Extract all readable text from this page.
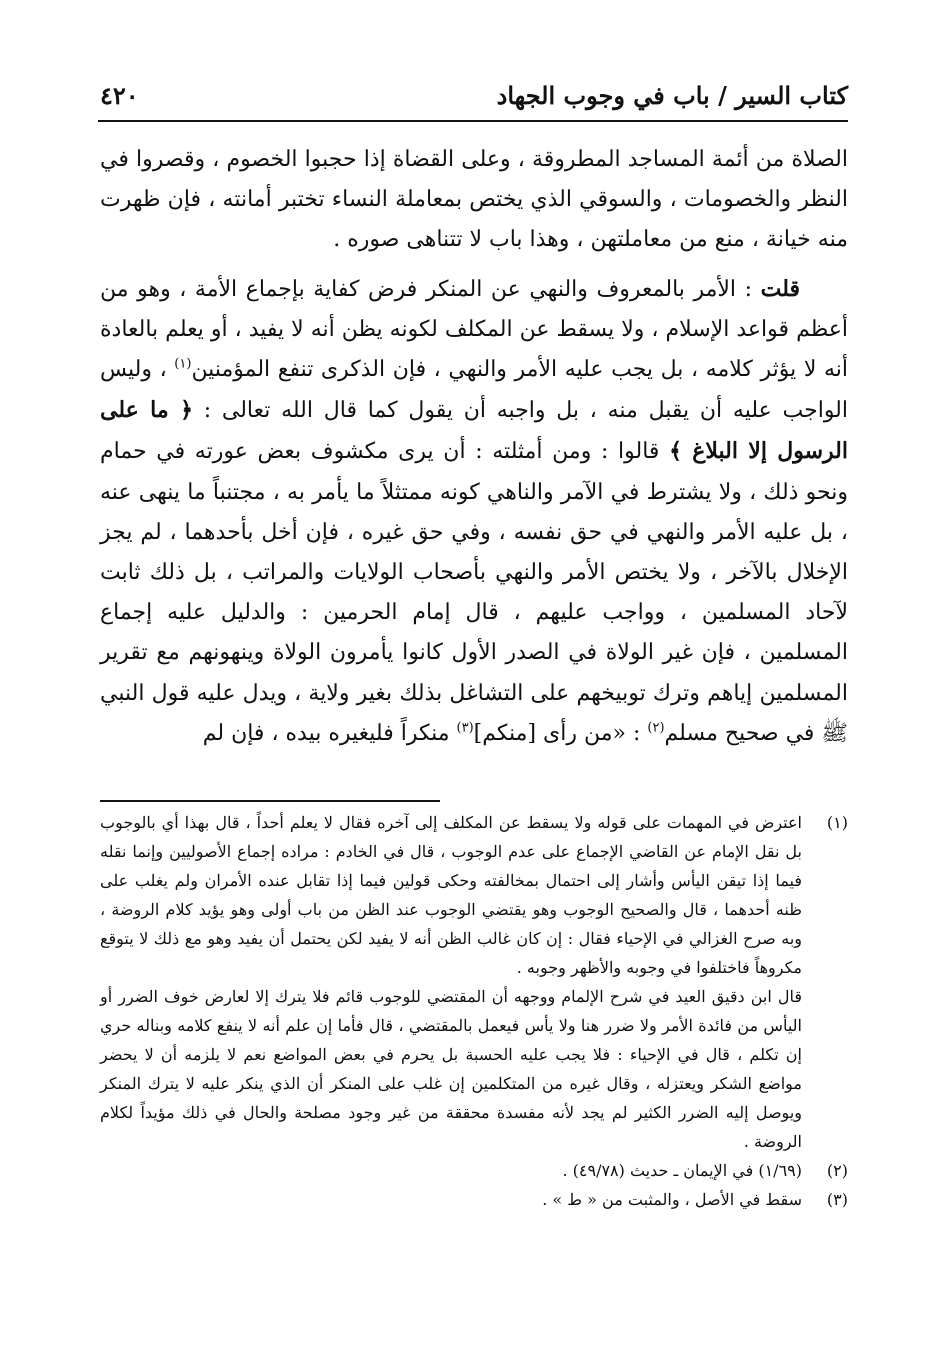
كتاب السير / باب في وجوب الجهاد
٤٢٠

الصلاة من أئمة المساجد المطروقة ، وعلى القضاة إذا حجبوا الخصوم ، وقصروا في النظر والخصومات ، والسوقي الذي يختص بمعاملة النساء تختبر أمانته ، فإن ظهرت منه خيانة ، منع من معاملتهن ، وهذا باب لا تتناهى صوره .

قلت : الأمر بالمعروف والنهي عن المنكر فرض كفاية بإجماع الأمة ، وهو من أعظم قواعد الإسلام ، ولا يسقط عن المكلف لكونه يظن أنه لا يفيد ، أو يعلم بالعادة أنه لا يؤثر كلامه ، بل يجب عليه الأمر والنهي ، فإن الذكرى تنفع المؤمنين$^{(١)}$ ، وليس الواجب عليه أن يقبل منه ، بل واجبه أن يقول كما قال الله تعالى : ﴿ ما على الرسول إلا البلاغ ﴾ قالوا : ومن أمثلته : أن يرى مكشوف بعض عورته في حمام ونحو ذلك ، ولا يشترط في الآمر والناهي كونه ممتثلاً ما يأمر به ، مجتنباً ما ينهى عنه ، بل عليه الأمر والنهي في حق نفسه ، وفي حق غيره ، فإن أخل بأحدهما ، لم يجز الإخلال بالآخر ، ولا يختص الأمر والنهي بأصحاب الولايات والمراتب ، بل ذلك ثابت لآحاد المسلمين ، وواجب عليهم ، قال إمام الحرمين : والدليل عليه إجماع المسلمين ، فإن غير الولاة في الصدر الأول كانوا يأمرون الولاة وينهونهم مع تقرير المسلمين إياهم وترك توبيخهم على التشاغل بذلك بغير ولاية ، ويدل عليه قول النبي ﷺ في صحيح مسلم$^{(٢)}$ : «من رأى [منكم]$^{(٣)}$ منكراً فليغيره بيده ، فإن لم

(١)

اعترض في المهمات على قوله ولا يسقط عن المكلف إلى آخره فقال لا يعلم أحداً ، قال بهذا أي بالوجوب بل نقل الإمام عن القاضي الإجماع على عدم الوجوب ، قال في الخادم : مراده إجماع الأصوليين وإنما نقله فيما إذا تيقن اليأس وأشار إلى احتمال بمخالفته وحكى قولين فيما إذا تقابل عنده الأمران ولم يغلب على ظنه أحدهما ، قال والصحيح الوجوب وهو يقتضي الوجوب عند الظن من باب أولى وهو يؤيد كلام الروضة ، وبه صرح الغزالي في الإحياء فقال : إن كان غالب الظن أنه لا يفيد لكن يحتمل أن يفيد وهو مع ذلك لا يتوقع مكروهاً فاختلفوا في وجوبه والأظهر وجوبه .

قال ابن دقيق العيد في شرح الإلمام ووجهه أن المقتضي للوجوب قائم فلا يترك إلا لعارض خوف الضرر أو اليأس من فائدة الأمر ولا ضرر هنا ولا يأس فيعمل بالمقتضي ، قال فأما إن علم أنه لا ينفع كلامه وبناله حري إن تكلم ، قال في الإحياء : فلا يجب عليه الحسبة بل يحرم في بعض المواضع نعم لا يلزمه أن لا يحضر مواضع الشكر ويعتزله ، وقال غيره من المتكلمين إن غلب على المنكر أن الذي ينكر عليه لا يترك المنكر ويوصل إليه الضرر الكثير لم يجد لأنه مفسدة محققة من غير وجود مصلحة والحال في ذلك مؤيداً لكلام الروضة .

(٢)
(١/٦٩) في الإيمان ـ حديث (٤٩/٧٨) .
(٣)
سقط في الأصل ، والمثبت من « ط » .
